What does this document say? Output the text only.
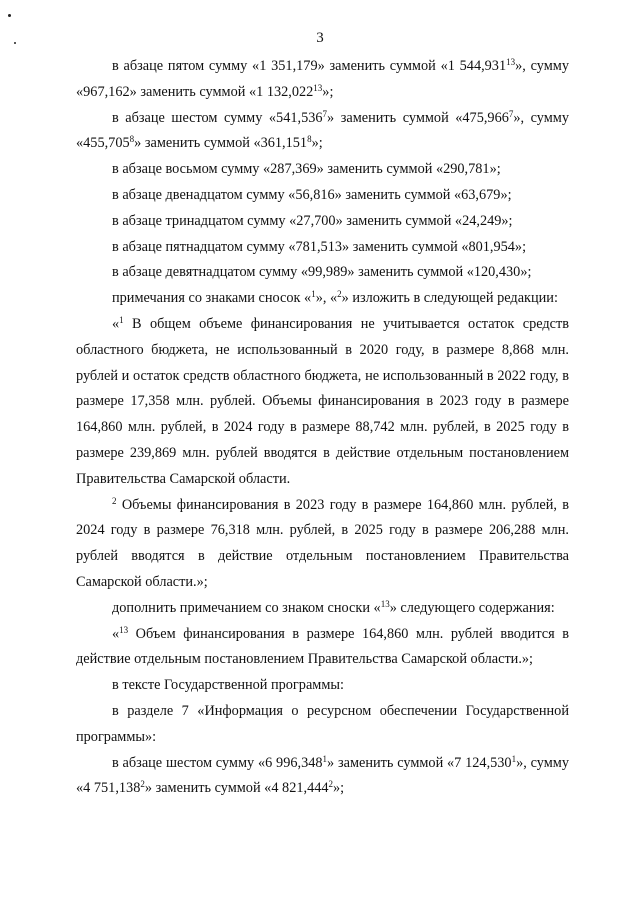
3

в абзаце пятом сумму «1 351,179» заменить суммой «1 544,931$^{13}$», сумму «967,162» заменить суммой «1 132,022$^{13}$»;

в абзаце шестом сумму «541,536$^7$» заменить суммой «475,966$^7$», сумму «455,705$^8$» заменить суммой «361,151$^8$»;

в абзаце восьмом сумму «287,369» заменить суммой «290,781»;

в абзаце двенадцатом сумму «56,816» заменить суммой «63,679»;

в абзаце тринадцатом сумму «27,700» заменить суммой «24,249»;

в абзаце пятнадцатом сумму «781,513» заменить суммой «801,954»;

в абзаце девятнадцатом сумму «99,989» заменить суммой «120,430»;

примечания со знаками сносок «$^1$», «$^2$» изложить в следующей редакции:

«$^1$ В общем объеме финансирования не учитывается остаток средств областного бюджета, не использованный в 2020 году, в размере 8,868 млн. рублей и остаток средств областного бюджета, не использованный в 2022 году, в размере 17,358 млн. рублей. Объемы финансирования в 2023 году в размере 164,860 млн. рублей, в 2024 году в размере 88,742 млн. рублей, в 2025 году в размере 239,869 млн. рублей вводятся в действие отдельным постановлением Правительства Самарской области.

$^2$ Объемы финансирования в 2023 году в размере 164,860 млн. рублей, в 2024 году в размере 76,318 млн. рублей, в 2025 году в размере 206,288 млн. рублей вводятся в действие отдельным постановлением Правительства Самарской области.»;

дополнить примечанием со знаком сноски «$^{13}$» следующего содержания:

«$^{13}$ Объем финансирования в размере 164,860 млн. рублей вводится в действие отдельным постановлением Правительства Самарской области.»;

в тексте Государственной программы:

в разделе 7 «Информация о ресурсном обеспечении Государственной программы»:

в абзаце шестом сумму «6 996,348$^1$» заменить суммой «7 124,530$^1$», сумму «4 751,138$^2$» заменить суммой «4 821,444$^2$»;
